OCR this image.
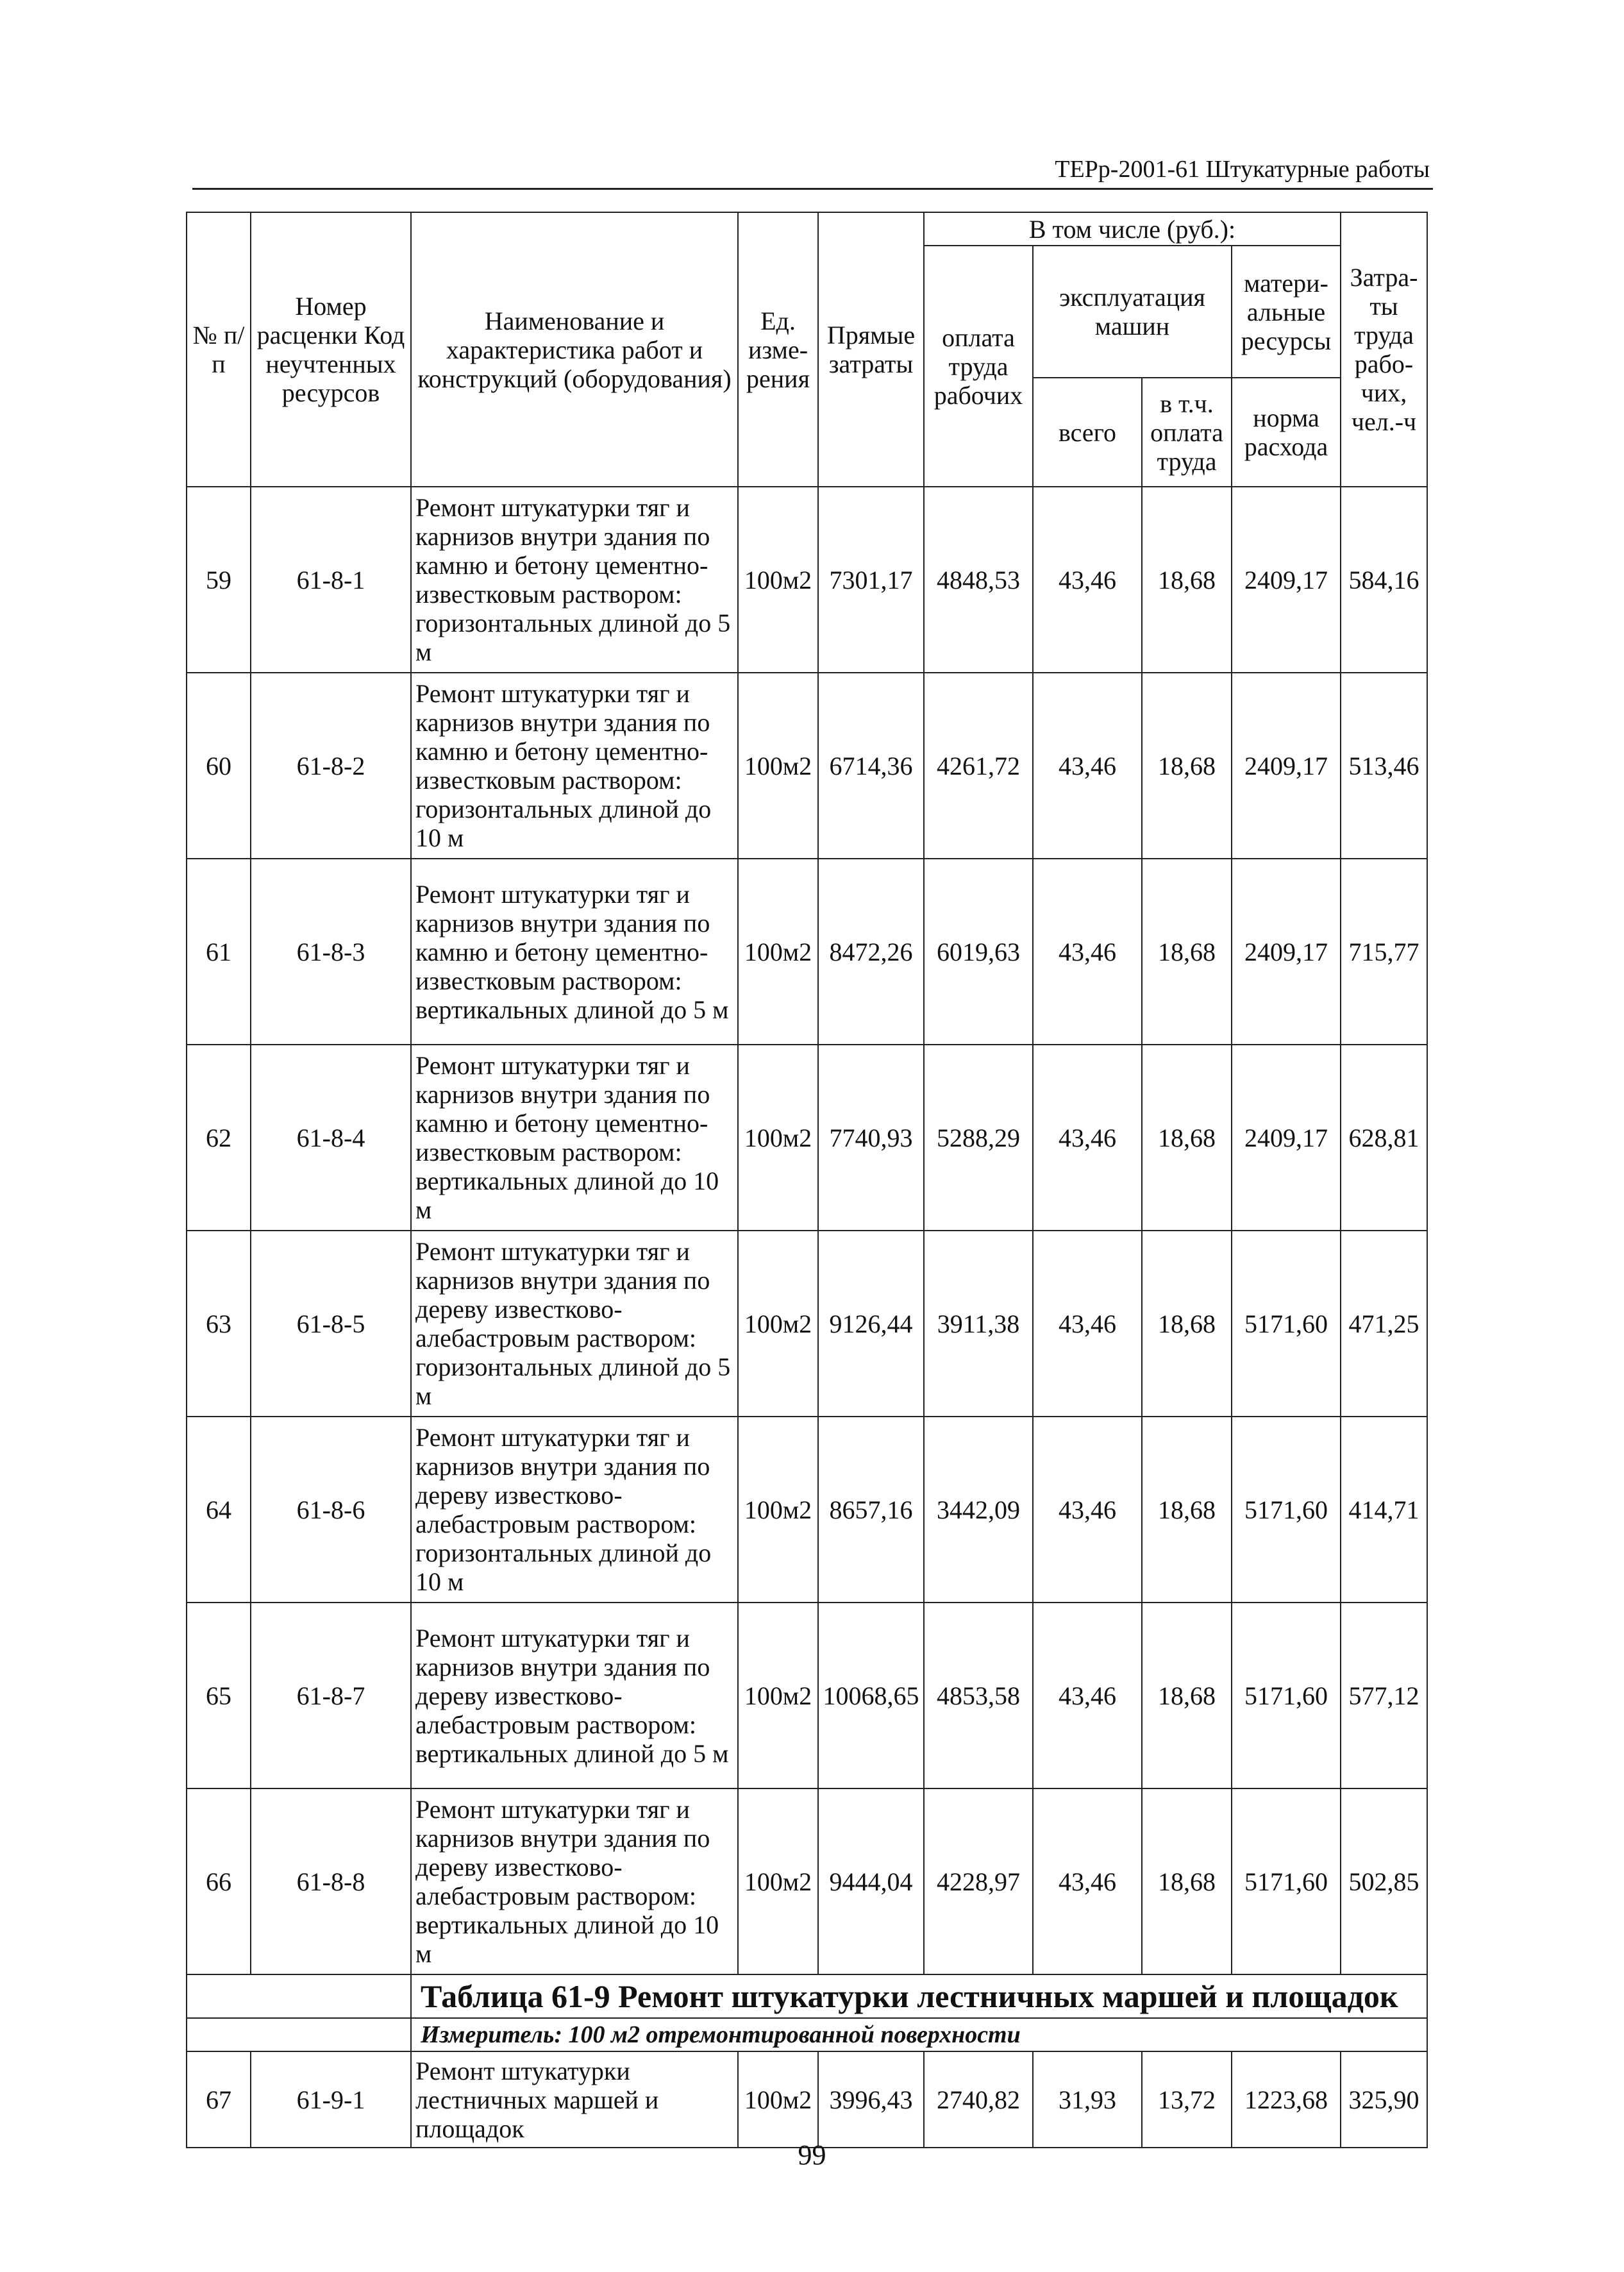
ТЕРр-2001-61 Штукатурные работы
№ п/п	Номер расценки Код неучтенных ресурсов	Наименование и характеристика работ и конструкций (оборудования)	Ед. изме- рения	Прямые затраты	В том числе (руб.):				Затра- ты труда рабо- чих, чел.-ч
					оплата труда рабочих	эксплуатация машин		матери- альные ресурсы	
						всего	в т.ч. оплата труда	норма расхода	

59	61-8-1	Ремонт штукатурки тяг и карнизов внутри здания по камню и бетону цементно-известковым раствором: горизонтальных длиной до 5 м	100м2	7301,17	4848,53	43,46	18,68	2409,17	584,16
60	61-8-2	Ремонт штукатурки тяг и карнизов внутри здания по камню и бетону цементно-известковым раствором: горизонтальных длиной до 10 м	100м2	6714,36	4261,72	43,46	18,68	2409,17	513,46
61	61-8-3	Ремонт штукатурки тяг и карнизов внутри здания по камню и бетону цементно-известковым раствором: вертикальных длиной до 5 м	100м2	8472,26	6019,63	43,46	18,68	2409,17	715,77
62	61-8-4	Ремонт штукатурки тяг и карнизов внутри здания по камню и бетону цементно-известковым раствором: вертикальных длиной до 10 м	100м2	7740,93	5288,29	43,46	18,68	2409,17	628,81
63	61-8-5	Ремонт штукатурки тяг и карнизов внутри здания по дереву известково-алебастровым раствором: горизонтальных длиной до 5 м	100м2	9126,44	3911,38	43,46	18,68	5171,60	471,25
64	61-8-6	Ремонт штукатурки тяг и карнизов внутри здания по дереву известково-алебастровым раствором: горизонтальных длиной до 10 м	100м2	8657,16	3442,09	43,46	18,68	5171,60	414,71
65	61-8-7	Ремонт штукатурки тяг и карнизов внутри здания по дереву известково-алебастровым раствором: вертикальных длиной до 5 м	100м2	10068,65	4853,58	43,46	18,68	5171,60	577,12
66	61-8-8	Ремонт штукатурки тяг и карнизов внутри здания по дереву известково-алебастровым раствором: вертикальных длиной до 10 м	100м2	9444,04	4228,97	43,46	18,68	5171,60	502,85
		Таблица 61-9 Ремонт штукатурки лестничных маршей и площадок							
		Измеритель: 100 м2 отремонтированной поверхности							
67	61-9-1	Ремонт штукатурки лестничных маршей и площадок	100м2	3996,43	2740,82	31,93	13,72	1223,68	325,90
99
